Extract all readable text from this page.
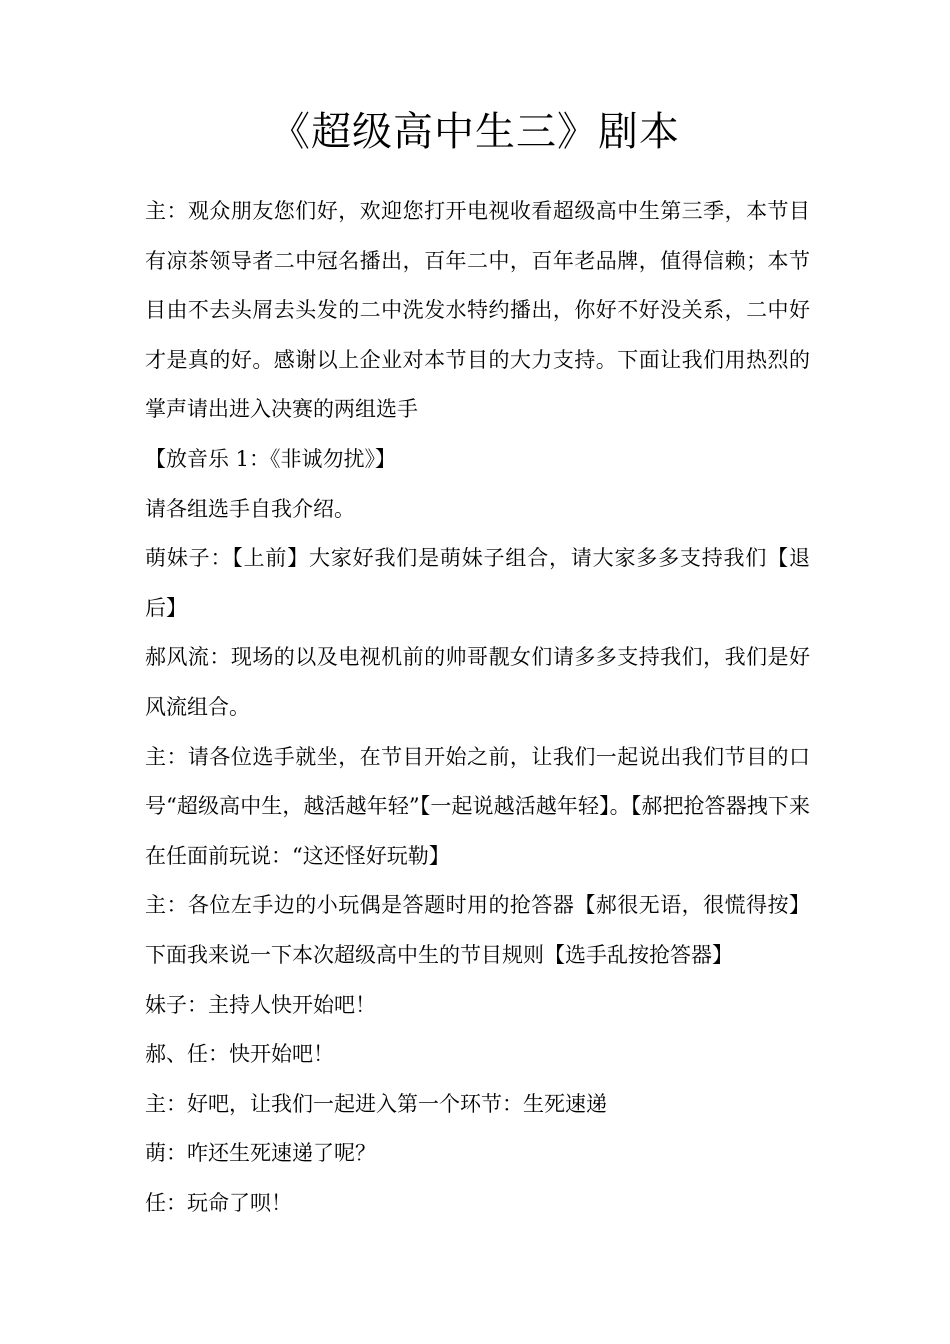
《超级高中生三》剧本

主：观众朋友您们好，欢迎您打开电视收看超级高中生第三季，本节目有凉茶领导者二中冠名播出，百年二中，百年老品牌，值得信赖；本节目由不去头屑去头发的二中洗发水特约播出，你好不好没关系，二中好才是真的好。感谢以上企业对本节目的大力支持。下面让我们用热烈的掌声请出进入决赛的两组选手

【放音乐 1：《非诚勿扰》】

请各组选手自我介绍。

萌妹子：【上前】大家好我们是萌妹子组合，请大家多多支持我们【退后】

郝风流：现场的以及电视机前的帅哥靓女们请多多支持我们，我们是好风流组合。

主：请各位选手就坐，在节目开始之前，让我们一起说出我们节目的口号“超级高中生，越活越年轻”【一起说越活越年轻】。【郝把抢答器拽下来在任面前玩说：“这还怪好玩勒】

主：各位左手边的小玩偶是答题时用的抢答器【郝很无语，很慌得按】下面我来说一下本次超级高中生的节目规则【选手乱按抢答器】

妹子：主持人快开始吧！

郝、任：快开始吧！

主：好吧，让我们一起进入第一个环节：生死速递

萌：咋还生死速递了呢？

任：玩命了呗！
